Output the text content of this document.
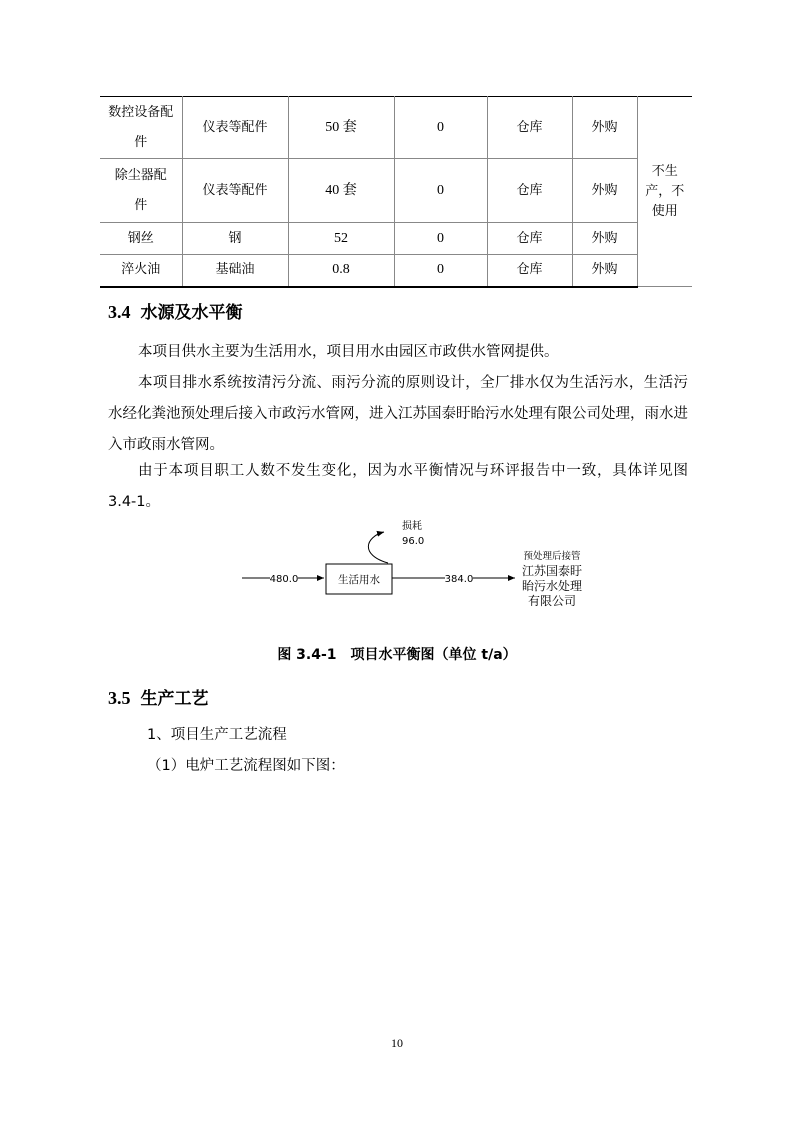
数控设备配件	仪表等配件	50 套	0	仓库	外购	不生产，不使用

除尘器配件	仪表等配件	40 套	0	仓库	外购	
钢丝	钢	52	0	仓库	外购	
淬火油	基础油	0.8	0	仓库	外购	
3.4 水源及水平衡
本项目供水主要为生活用水，项目用水由园区市政供水管网提供。
本项目排水系统按清污分流、雨污分流的原则设计，全厂排水仅为生活污水，生活污水经化粪池预处理后接入市政污水管网，进入江苏国泰盱眙污水处理有限公司处理，雨水进入市政雨水管网。
由于本项目职工人数不发生变化，因为水平衡情况与环评报告中一致，具体详见图 3.4-1。
480.0	生活用水
损耗
96.0
384.0
预处理后接管
江苏国泰盱
眙污水处理
有限公司
图 3.4-1 项目水平衡图（单位 t/a）
3.5 生产工艺
1、项目生产工艺流程
（1）电炉工艺流程图如下图：
10
